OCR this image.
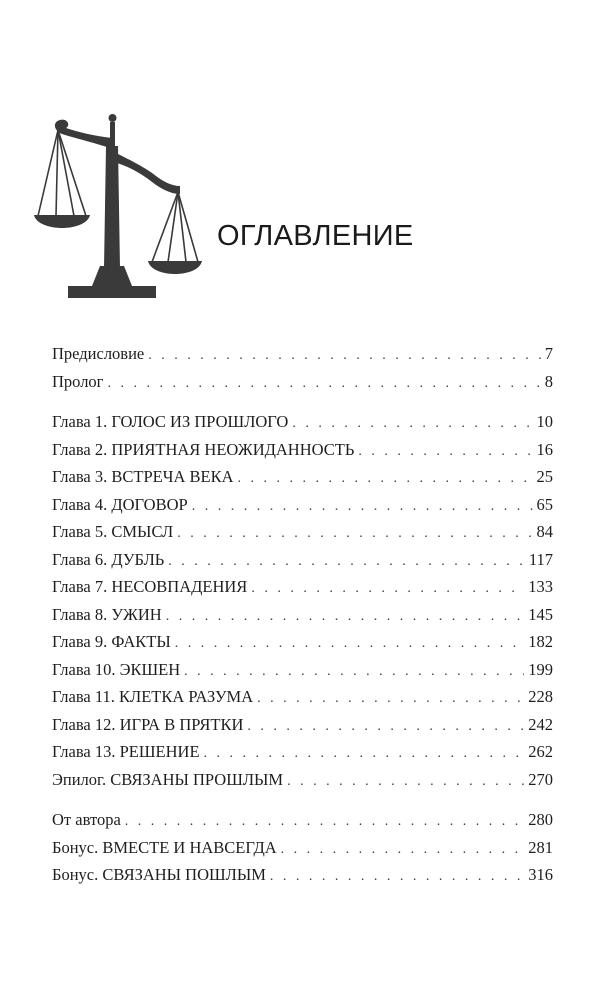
ОГЛАВЛЕНИЕ
Предисловие . . .	7
Пролог . . .	8
Глава 1. ГОЛОС ИЗ ПРОШЛОГО . . .	10
Глава 2. ПРИЯТНАЯ НЕОЖИДАННОСТЬ . . .	16
Глава 3. ВСТРЕЧА ВЕКА . . .	25
Глава 4. ДОГОВОР . . .	65
Глава 5. СМЫСЛ . . .	84
Глава 6. ДУБЛЬ . . .	117
Глава 7. НЕСОВПАДЕНИЯ . . .	133
Глава 8. УЖИН . . .	145
Глава 9. ФАКТЫ . . .	182
Глава 10. ЭКШЕН . . .	199
Глава 11. КЛЕТКА РАЗУМА . . .	228
Глава 12. ИГРА В ПРЯТКИ . . .	242
Глава 13. РЕШЕНИЕ . . .	262
Эпилог. СВЯЗАНЫ ПРОШЛЫМ . . .	270
От автора . . .	280
Бонус. ВМЕСТЕ И НАВСЕГДА . . .	281
Бонус. СВЯЗАНЫ ПОШЛЫМ . . .	316
